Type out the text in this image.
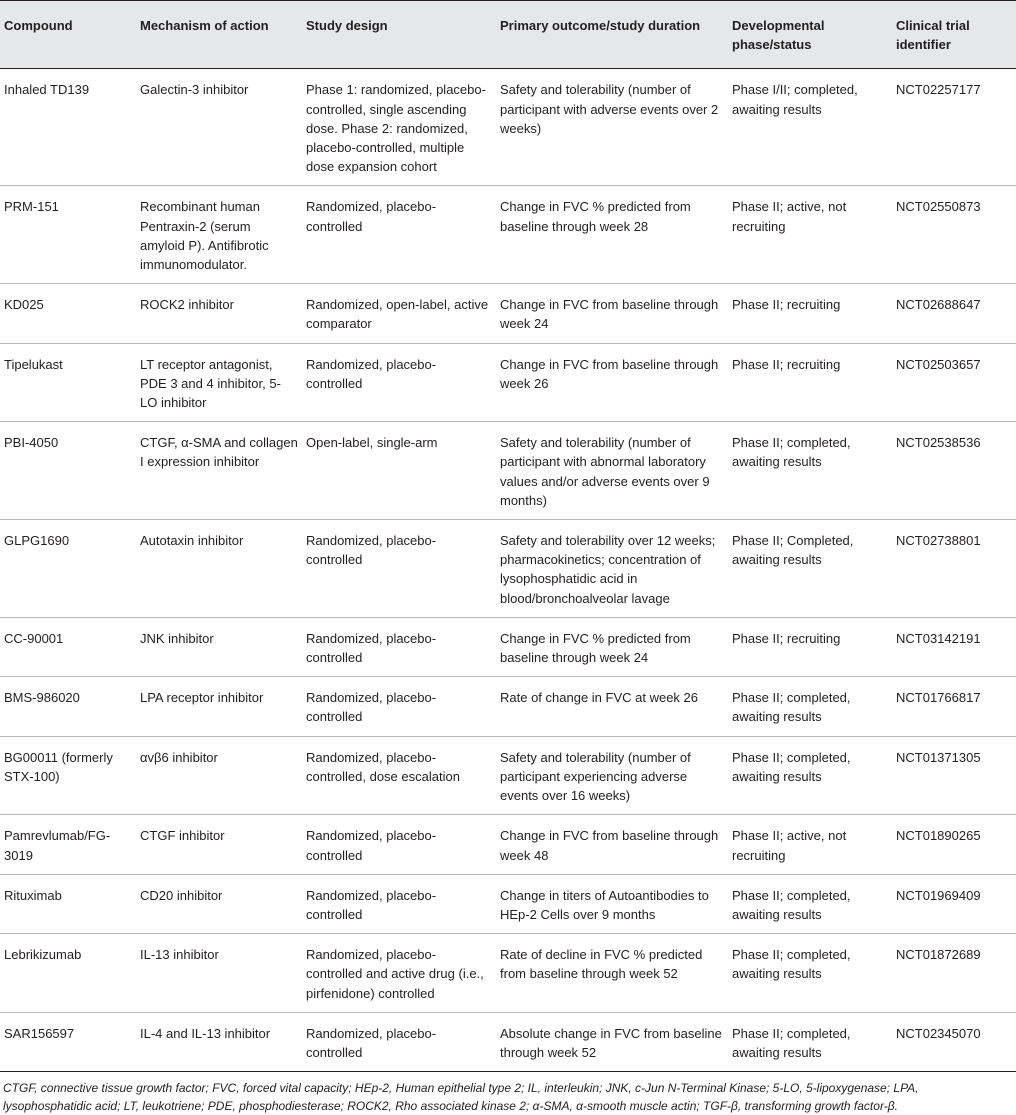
Compound	Mechanism of action	Study design	Primary outcome/study duration	Developmental phase/status	Clinical trial identifier
Inhaled TD139	Galectin-3 inhibitor	Phase 1: randomized, placebo-controlled, single ascending dose. Phase 2: randomized, placebo-controlled, multiple dose expansion cohort	Safety and tolerability (number of participant with adverse events over 2 weeks)	Phase I/II; completed, awaiting results	NCT02257177
PRM-151	Recombinant human Pentraxin-2 (serum amyloid P). Antifibrotic immunomodulator.	Randomized, placebo-controlled	Change in FVC % predicted from baseline through week 28	Phase II; active, not recruiting	NCT02550873
KD025	ROCK2 inhibitor	Randomized, open-label, active comparator	Change in FVC from baseline through week 24	Phase II; recruiting	NCT02688647
Tipelukast	LT receptor antagonist, PDE 3 and 4 inhibitor, 5-LO inhibitor	Randomized, placebo-controlled	Change in FVC from baseline through week 26	Phase II; recruiting	NCT02503657
PBI-4050	CTGF, α-SMA and collagen I expression inhibitor	Open-label, single-arm	Safety and tolerability (number of participant with abnormal laboratory values and/or adverse events over 9 months)	Phase II; completed, awaiting results	NCT02538536
GLPG1690	Autotaxin inhibitor	Randomized, placebo-controlled	Safety and tolerability over 12 weeks; pharmacokinetics; concentration of lysophosphatidic acid in blood/bronchoalveolar lavage	Phase II; Completed, awaiting results	NCT02738801
CC-90001	JNK inhibitor	Randomized, placebo-controlled	Change in FVC % predicted from baseline through week 24	Phase II; recruiting	NCT03142191
BMS-986020	LPA receptor inhibitor	Randomized, placebo-controlled	Rate of change in FVC at week 26	Phase II; completed, awaiting results	NCT01766817
BG00011 (formerly STX-100)	αvβ6 inhibitor	Randomized, placebo-controlled, dose escalation	Safety and tolerability (number of participant experiencing adverse events over 16 weeks)	Phase II; completed, awaiting results	NCT01371305
Pamrevlumab/FG-3019	CTGF inhibitor	Randomized, placebo-controlled	Change in FVC from baseline through week 48	Phase II; active, not recruiting	NCT01890265
Rituximab	CD20 inhibitor	Randomized, placebo-controlled	Change in titers of Autoantibodies to HEp-2 Cells over 9 months	Phase II; completed, awaiting results	NCT01969409
Lebrikizumab	IL-13 inhibitor	Randomized, placebo-controlled and active drug (i.e., pirfenidone) controlled	Rate of decline in FVC % predicted from baseline through week 52	Phase II; completed, awaiting results	NCT01872689
SAR156597	IL-4 and IL-13 inhibitor	Randomized, placebo-controlled	Absolute change in FVC from baseline through week 52	Phase II; completed, awaiting results	NCT02345070
CTGF, connective tissue growth factor; FVC, forced vital capacity; HEp-2, Human epithelial type 2; IL, interleukin; JNK, c-Jun N-Terminal Kinase; 5-LO, 5-lipoxygenase; LPA, lysophosphatidic acid; LT, leukotriene; PDE, phosphodiesterase; ROCK2, Rho associated kinase 2; α-SMA, α-smooth muscle actin; TGF-β, transforming growth factor-β.
